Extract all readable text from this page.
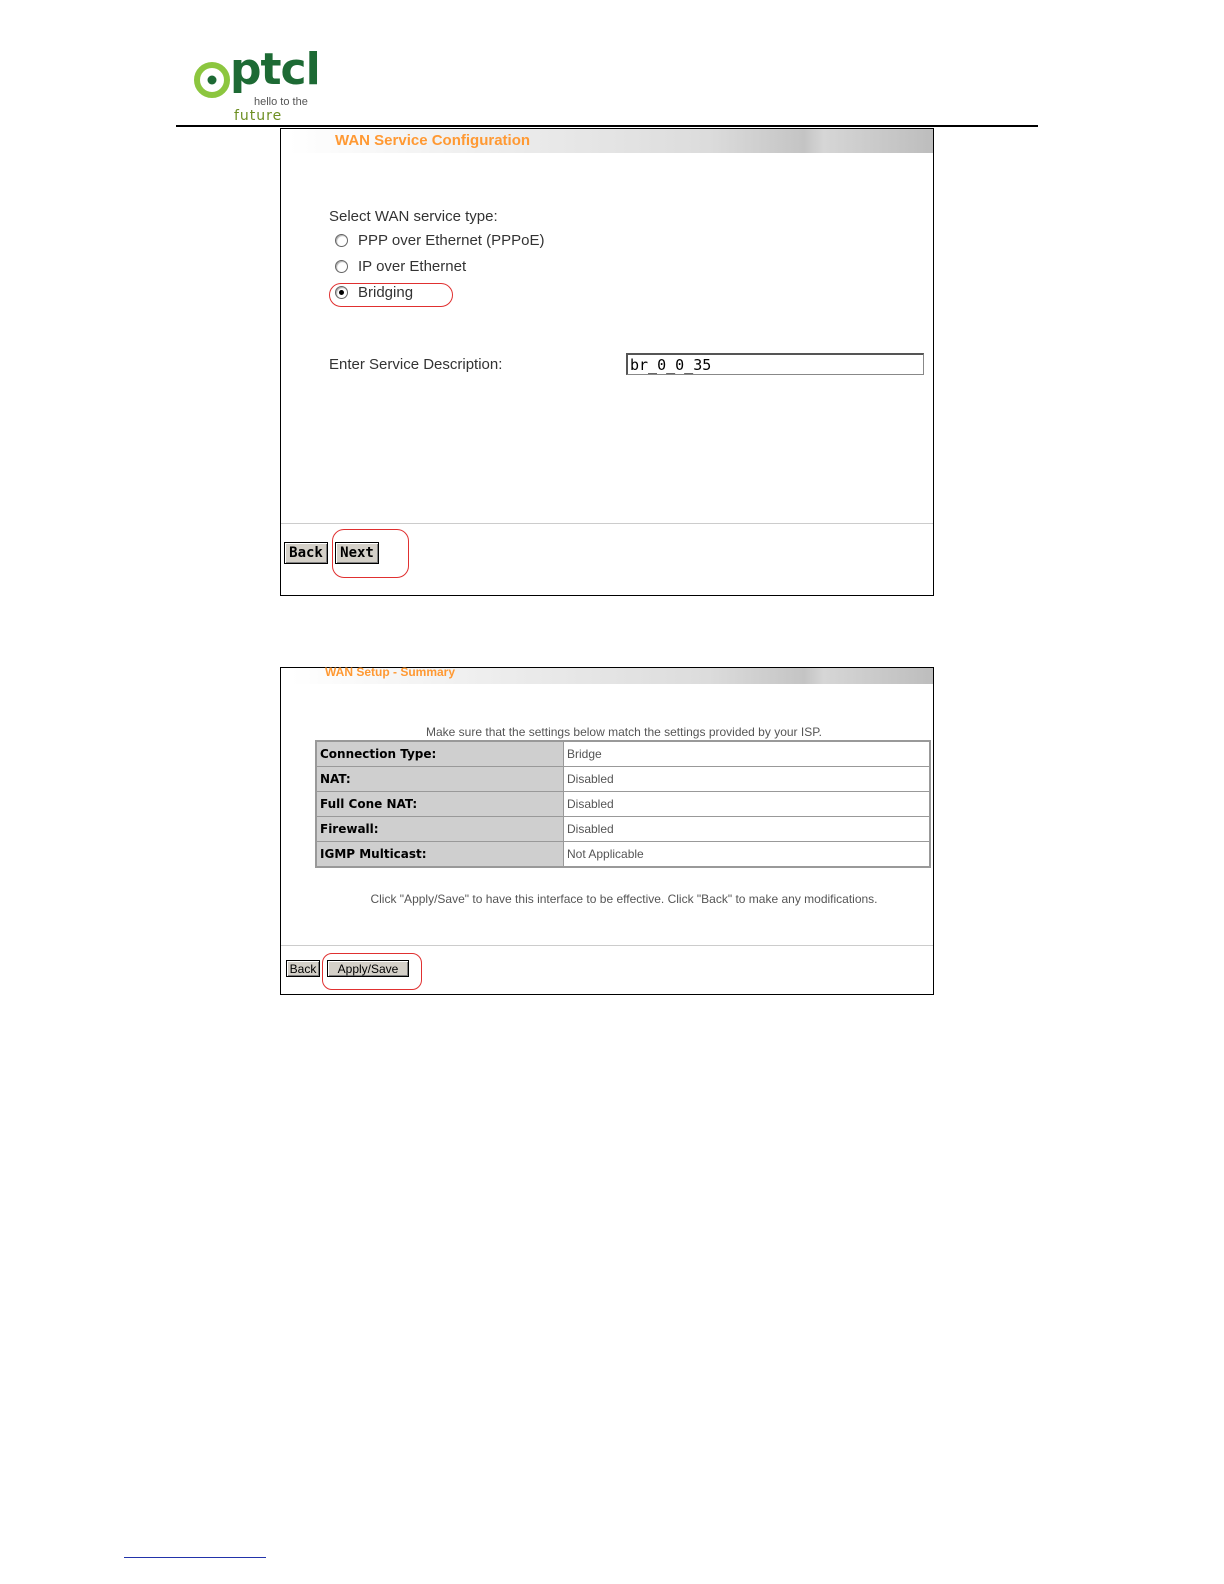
ptcl
hello to the
future
WAN Service Configuration
Select WAN service type:
PPP over Ethernet (PPPoE)
IP over Ethernet
Bridging
Enter Service Description:
br_0_0_35
Back	Next
WAN Setup - Summary
Make sure that the settings below match the settings provided by your ISP.
Connection Type:	Bridge
NAT:	Disabled
Full Cone NAT:	Disabled
Firewall:	Disabled
IGMP Multicast:	Not Applicable
Click "Apply/Save" to have this interface to be effective. Click "Back" to make any modifications.
Back	Apply/Save
